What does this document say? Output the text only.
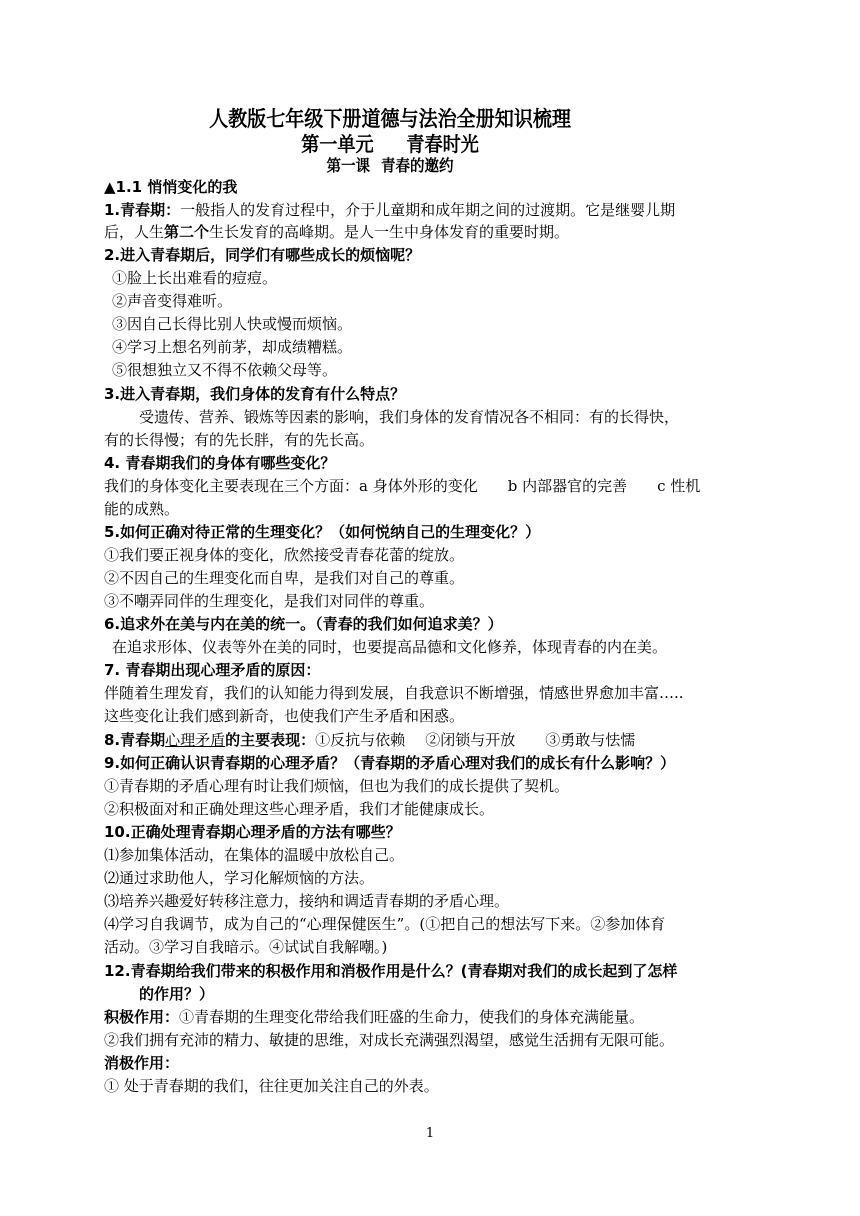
人教版七年级下册道德与法治全册知识梳理
第一单元 青春时光
第一课 青春的邀约
▲1.1 悄悄变化的我
1.青春期：一般指人的发育过程中，介于儿童期和成年期之间的过渡期。它是继婴儿期
后，人生第二个生长发育的高峰期。是人一生中身体发育的重要时期。
2.进入青春期后，同学们有哪些成长的烦恼呢？
①脸上长出难看的痘痘。
②声音变得难听。
③因自己长得比别人快或慢而烦恼。
④学习上想名列前茅，却成绩糟糕。
⑤很想独立又不得不依赖父母等。
3.进入青春期，我们身体的发育有什么特点？
受遗传、营养、锻炼等因素的影响，我们身体的发育情况各不相同：有的长得快，
有的长得慢；有的先长胖，有的先长高。
4. 青春期我们的身体有哪些变化？
我们的身体变化主要表现在三个方面：a 身体外形的变化 b 内部器官的完善 c 性机
能的成熟。
5.如何正确对待正常的生理变化？（如何悦纳自己的生理变化？）
①我们要正视身体的变化，欣然接受青春花蕾的绽放。
②不因自己的生理变化而自卑，是我们对自己的尊重。
③不嘲弄同伴的生理变化，是我们对同伴的尊重。
6.追求外在美与内在美的统一。（青春的我们如何追求美？）
在追求形体、仪表等外在美的同时，也要提高品德和文化修养，体现青春的内在美。
7. 青春期出现心理矛盾的原因：
伴随着生理发育，我们的认知能力得到发展，自我意识不断增强，情感世界愈加丰富…..
这些变化让我们感到新奇，也使我们产生矛盾和困惑。
8.青春期心理矛盾的主要表现：①反抗与依赖 ②闭锁与开放 ③勇敢与怯懦
9.如何正确认识青春期的心理矛盾？（青春期的矛盾心理对我们的成长有什么影响？）
①青春期的矛盾心理有时让我们烦恼，但也为我们的成长提供了契机。
②积极面对和正确处理这些心理矛盾，我们才能健康成长。
10.正确处理青春期心理矛盾的方法有哪些？
⑴参加集体活动，在集体的温暖中放松自己。
⑵通过求助他人，学习化解烦恼的方法。
⑶培养兴趣爱好转移注意力，接纳和调适青春期的矛盾心理。
⑷学习自我调节，成为自己的“心理保健医生”。(①把自己的想法写下来。②参加体育
活动。③学习自我暗示。④试试自我解嘲。)
12.青春期给我们带来的积极作用和消极作用是什么？(青春期对我们的成长起到了怎样
的作用？）
积极作用：①青春期的生理变化带给我们旺盛的生命力，使我们的身体充满能量。
②我们拥有充沛的精力、敏捷的思维，对成长充满强烈渴望，感觉生活拥有无限可能。
消极作用：
① 处于青春期的我们，往往更加关注自己的外表。
1
